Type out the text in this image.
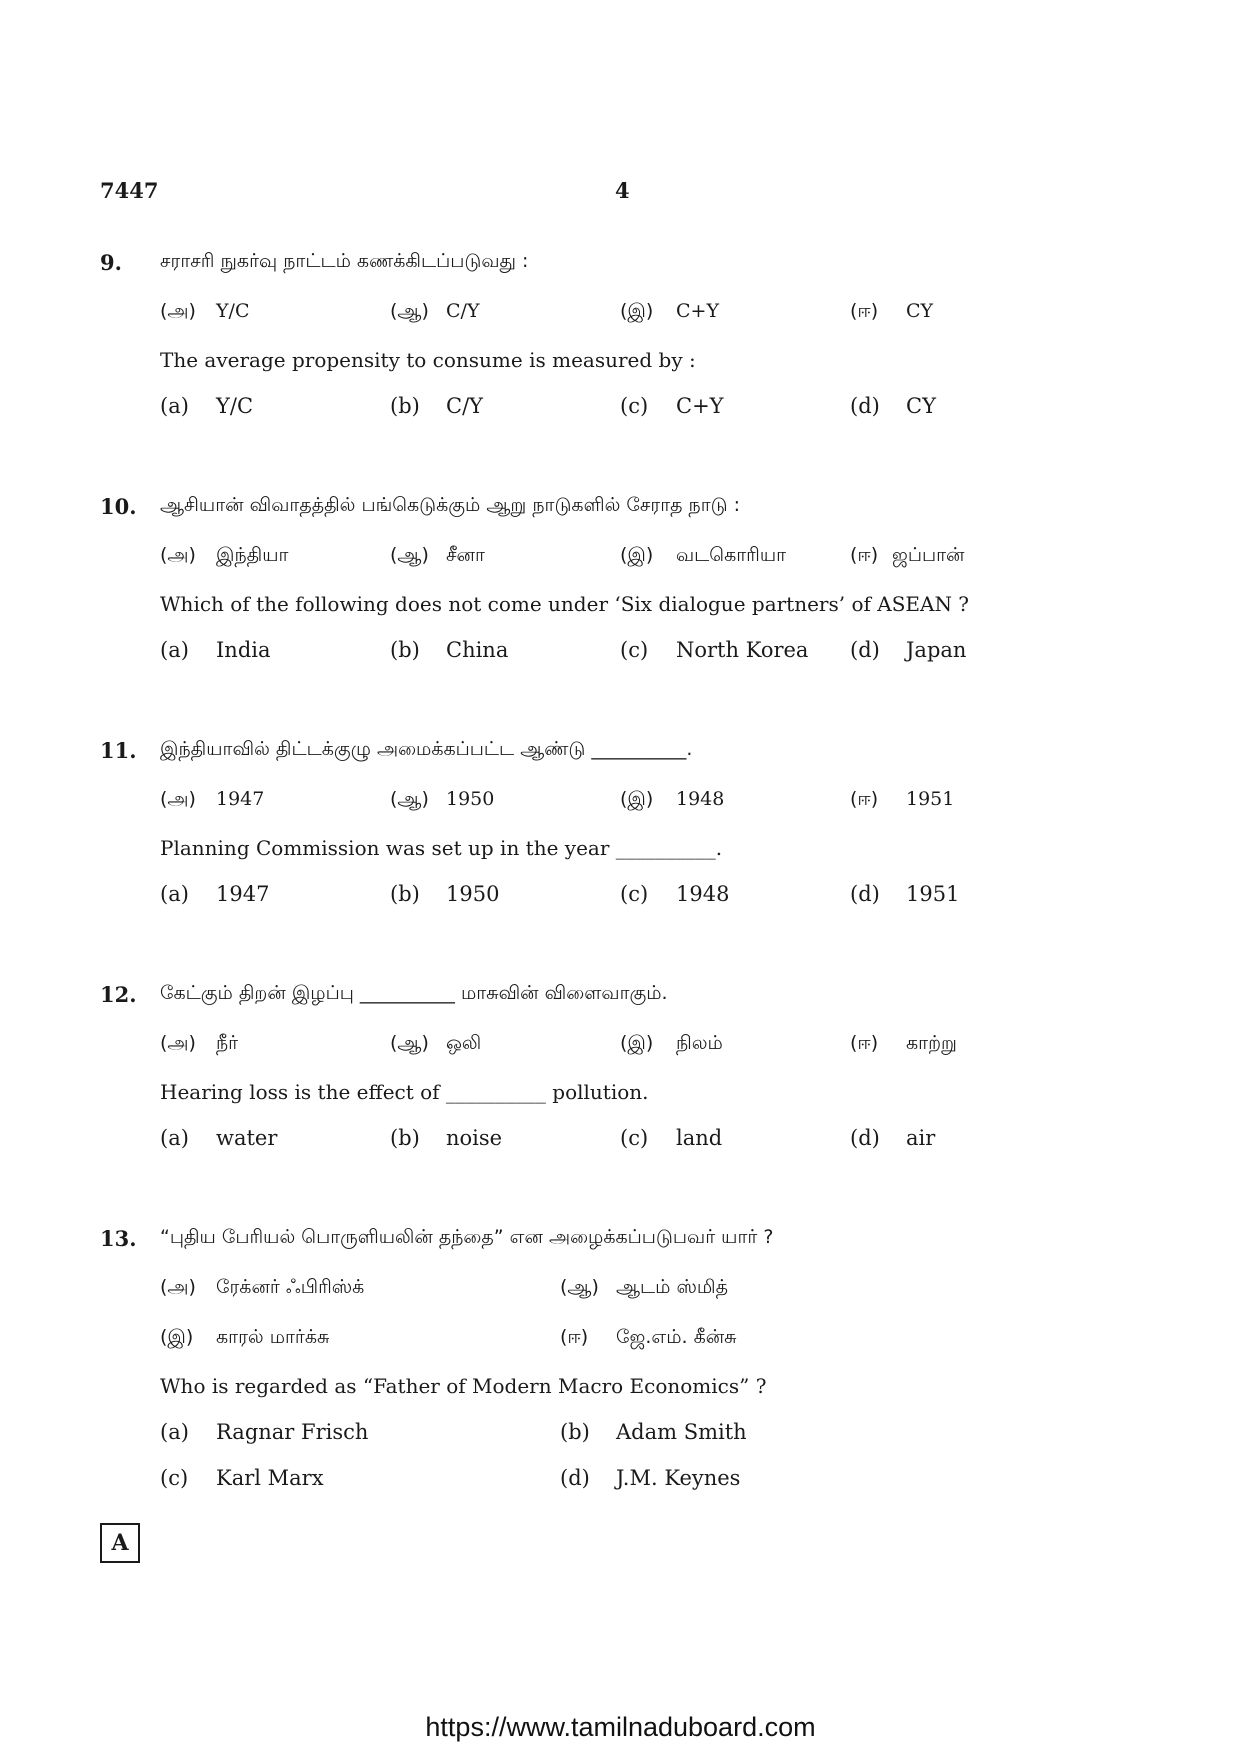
7447	4
9. சராசரி நுகர்வு நாட்டம் கணக்கிடப்படுவது :
(அ) Y/C	(ஆ) C/Y	(இ) C+Y	(ஈ) CY
The average propensity to consume is measured by :
(a) Y/C	(b) C/Y	(c) C+Y	(d) CY
10. ஆசியான் விவாதத்தில் பங்கெடுக்கும் ஆறு நாடுகளில் சேராத நாடு :
(அ) இந்தியா	(ஆ) சீனா	(இ) வடகொரியா	(ஈ) ஜப்பான்
Which of the following does not come under ‘Six dialogue partners’ of ASEAN ?
(a) India	(b) China	(c) North Korea (d) Japan
11. இந்தியாவில் திட்டக்குழு அமைக்கப்பட்ட ஆண்டு __________.
(அ) 1947	(ஆ) 1950	(இ) 1948	(ஈ) 1951
Planning Commission was set up in the year __________.
(a) 1947	(b) 1950	(c) 1948	(d) 1951
12. கேட்கும் திறன் இழப்பு __________ மாசுவின் விளைவாகும்.
(அ) நீர்	(ஆ) ஒலி	(இ) நிலம்	(ஈ) காற்று
Hearing loss is the effect of __________ pollution.
(a) water	(b) noise	(c) land	(d) air
13. “புதிய பேரியல் பொருளியலின் தந்தை” என அழைக்கப்படுபவர் யார் ?
(அ) ரேக்னர் ஃபிரிஸ்க்	(ஆ) ஆடம் ஸ்மித்
(இ) காரல் மார்க்சு	(ஈ) ஜே.எம். கீன்சு
Who is regarded as “Father of Modern Macro Economics” ?
(a) Ragnar Frisch	(b) Adam Smith
(c) Karl Marx	(d) J.M. Keynes
A
https://www.tamilnaduboard.com
